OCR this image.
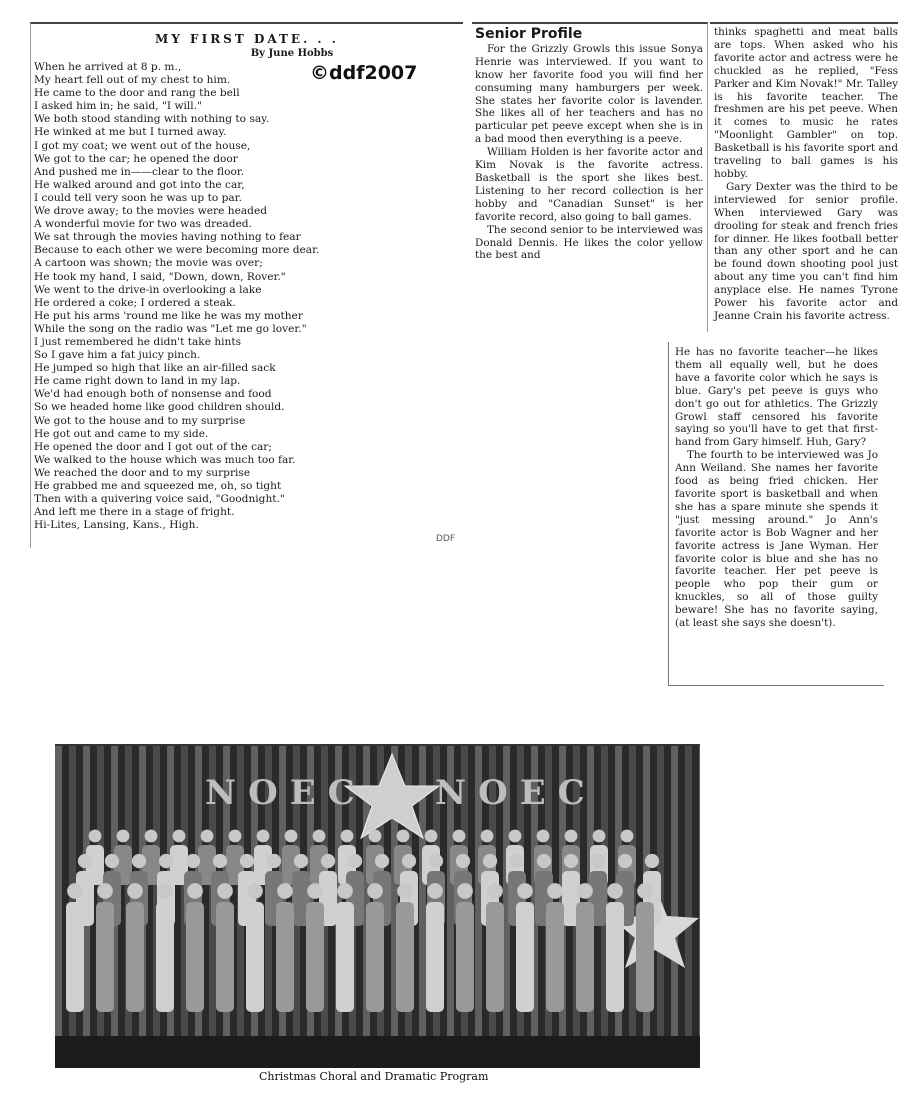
MY FIRST DATE. . .
By June Hobbs
When he arrived at 8 p. m.,
My heart fell out of my chest to him.
He came to the door and rang the bell
I asked him in; he said, "I will."
We both stood standing with nothing to say.
He winked at me but I turned away.
I got my coat; we went out of the house,
We got to the car; he opened the door
And pushed me in——clear to the floor.
He walked around and got into the car,
I could tell very soon he was up to par.
We drove away; to the movies were headed
A wonderful movie for two was dreaded.
We sat through the movies having nothing to fear
Because to each other we were becoming more dear.
A cartoon was shown; the movie was over;
He took my hand, I said, "Down, down, Rover."
We went to the drive-in overlooking a lake
He ordered a coke; I ordered a steak.
He put his arms 'round me like he was my mother
While the song on the radio was "Let me go lover."
I just remembered he didn't take hints
So I gave him a fat juicy pinch.
He jumped so high that like an air-filled sack
He came right down to land in my lap.
We'd had enough both of nonsense and food
So we headed home like good children should.
We got to the house and to my surprise
He got out and came to my side.
He opened the door and I got out of the car;
We walked to the house which was much too far.
We reached the door and to my surprise
He grabbed me and squeezed me, oh, so tight
Then with a quivering voice said, "Goodnight."
And left me there in a stage of fright.
Hi-Lites, Lansing, Kans., High.
DDF
©ddf2007
Senior Profile

For the Grizzly Growls this issue Sonya Henrie was interviewed. If you want to know her favorite food you will find her consuming many hamburgers per week. She states her favorite color is lavender. She likes all of her teachers and has no particular pet peeve except when she is in a bad mood then everything is a peeve.

William Holden is her favorite actor and Kim Novak is the favorite actress. Basketball is the sport she likes best. Listening to her record collection is her hobby and "Canadian Sunset" is her favorite record, also going to ball games.

The second senior to be interviewed was Donald Dennis. He likes the color yellow the best and

thinks spaghetti and meat balls are tops. When asked who his favorite actor and actress were he chuckled as he replied, "Fess Parker and Kim Novak!" Mr. Talley is his favorite teacher. The freshmen are his pet peeve. When it comes to music he rates "Moonlight Gambler" on top. Basketball is his favorite sport and traveling to ball games is his hobby.

Gary Dexter was the third to be interviewed for senior profile. When interviewed Gary was drooling for steak and french fries for dinner. He likes football better than any other sport and he can be found down shooting pool just about any time you can't find him anyplace else. He names Tyrone Power his favorite actor and Jeanne Crain his favorite actress.

He has no favorite teacher—he likes them all equally well, but he does have a favorite color which he says is blue. Gary's pet peeve is guys who don't go out for athletics. The Grizzly Growl staff censored his favorite saying so you'll have to get that first-hand from Gary himself. Huh, Gary?

The fourth to be interviewed was Jo Ann Weiland. She names her favorite food as being fried chicken. Her favorite sport is basketball and when she has a spare minute she spends it "just messing around." Jo Ann's favorite actor is Bob Wagner and her favorite actress is Jane Wyman. Her favorite color is blue and she has no favorite teacher. Her pet peeve is people who pop their gum or knuckles, so all of those guilty beware! She has no favorite saying, (at least she says she doesn't).

NOEC NOEC
Christmas Choral and Dramatic Program
